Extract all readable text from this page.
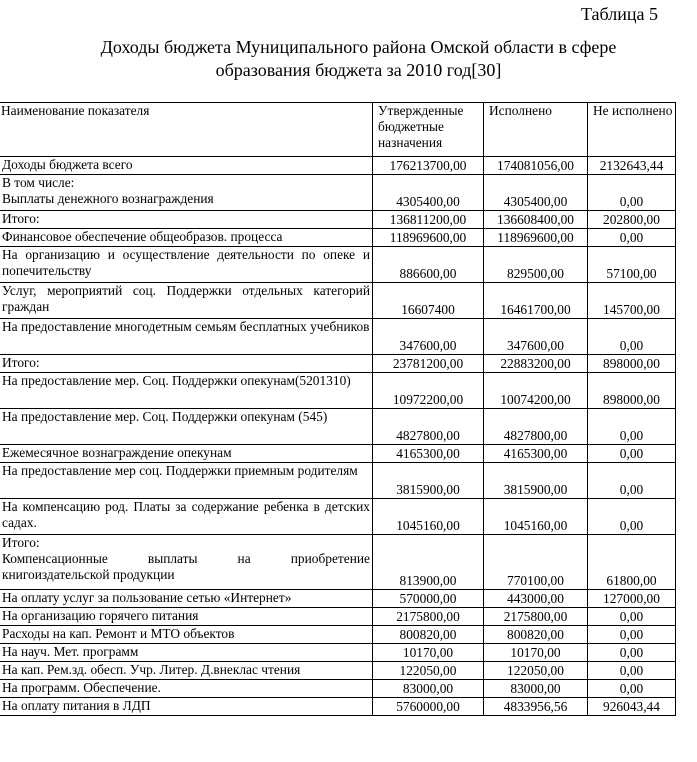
Таблица 5
Доходы бюджета Муниципального района Омской области в сфере
образования бюджета за 2010 год[30]
Наименование показателя	Утвержденные бюджетные назначения	Исполнено	Не исполнено
Доходы бюджета всего	176213700,00	174081056,00	2132643,44

В том числе:
Выплаты денежного вознаграждения	4305400,00	4305400,00	0,00
Итого:	136811200,00	136608400,00	202800,00
Финансовое обеспечение общеобразов. процесса	118969600,00	118969600,00	0,00
На организацию и осуществление деятельности по опеке и попечительству	886600,00	829500,00	57100,00
Услуг, мероприятий соц. Поддержки отдельных категорий граждан	16607400	16461700,00	145700,00
На предоставление многодетным семьям бесплатных учебников	347600,00	347600,00	0,00
Итого:	23781200,00	22883200,00	898000,00
На предоставление мер. Соц. Поддержки опекунам(5201310)	10972200,00	10074200,00	898000,00
На предоставление мер. Соц. Поддержки опекунам (545)	4827800,00	4827800,00	0,00
Ежемесячное вознаграждение опекунам	4165300,00	4165300,00	0,00
На предоставление мер соц. Поддержки приемным родителям	3815900,00	3815900,00	0,00
На компенсацию род. Платы за содержание ребенка в детских садах.	1045160,00	1045160,00	0,00

Итого:
Компенсационные выплаты на приобретение книгоиздательской продукции	813900,00	770100,00	61800,00
На оплату услуг за пользование сетью «Интернет»	570000,00	443000,00	127000,00
На организацию горячего питания	2175800,00	2175800,00	0,00
Расходы на кап. Ремонт и МТО объектов	800820,00	800820,00	0,00
На науч. Мет. программ	10170,00	10170,00	0,00
На кап. Рем.зд. обесп. Учр. Литер. Д.внеклас чтения	122050,00	122050,00	0,00
На программ. Обеспечение.	83000,00	83000,00	0,00
На оплату питания в ЛДП	5760000,00	4833956,56	926043,44
